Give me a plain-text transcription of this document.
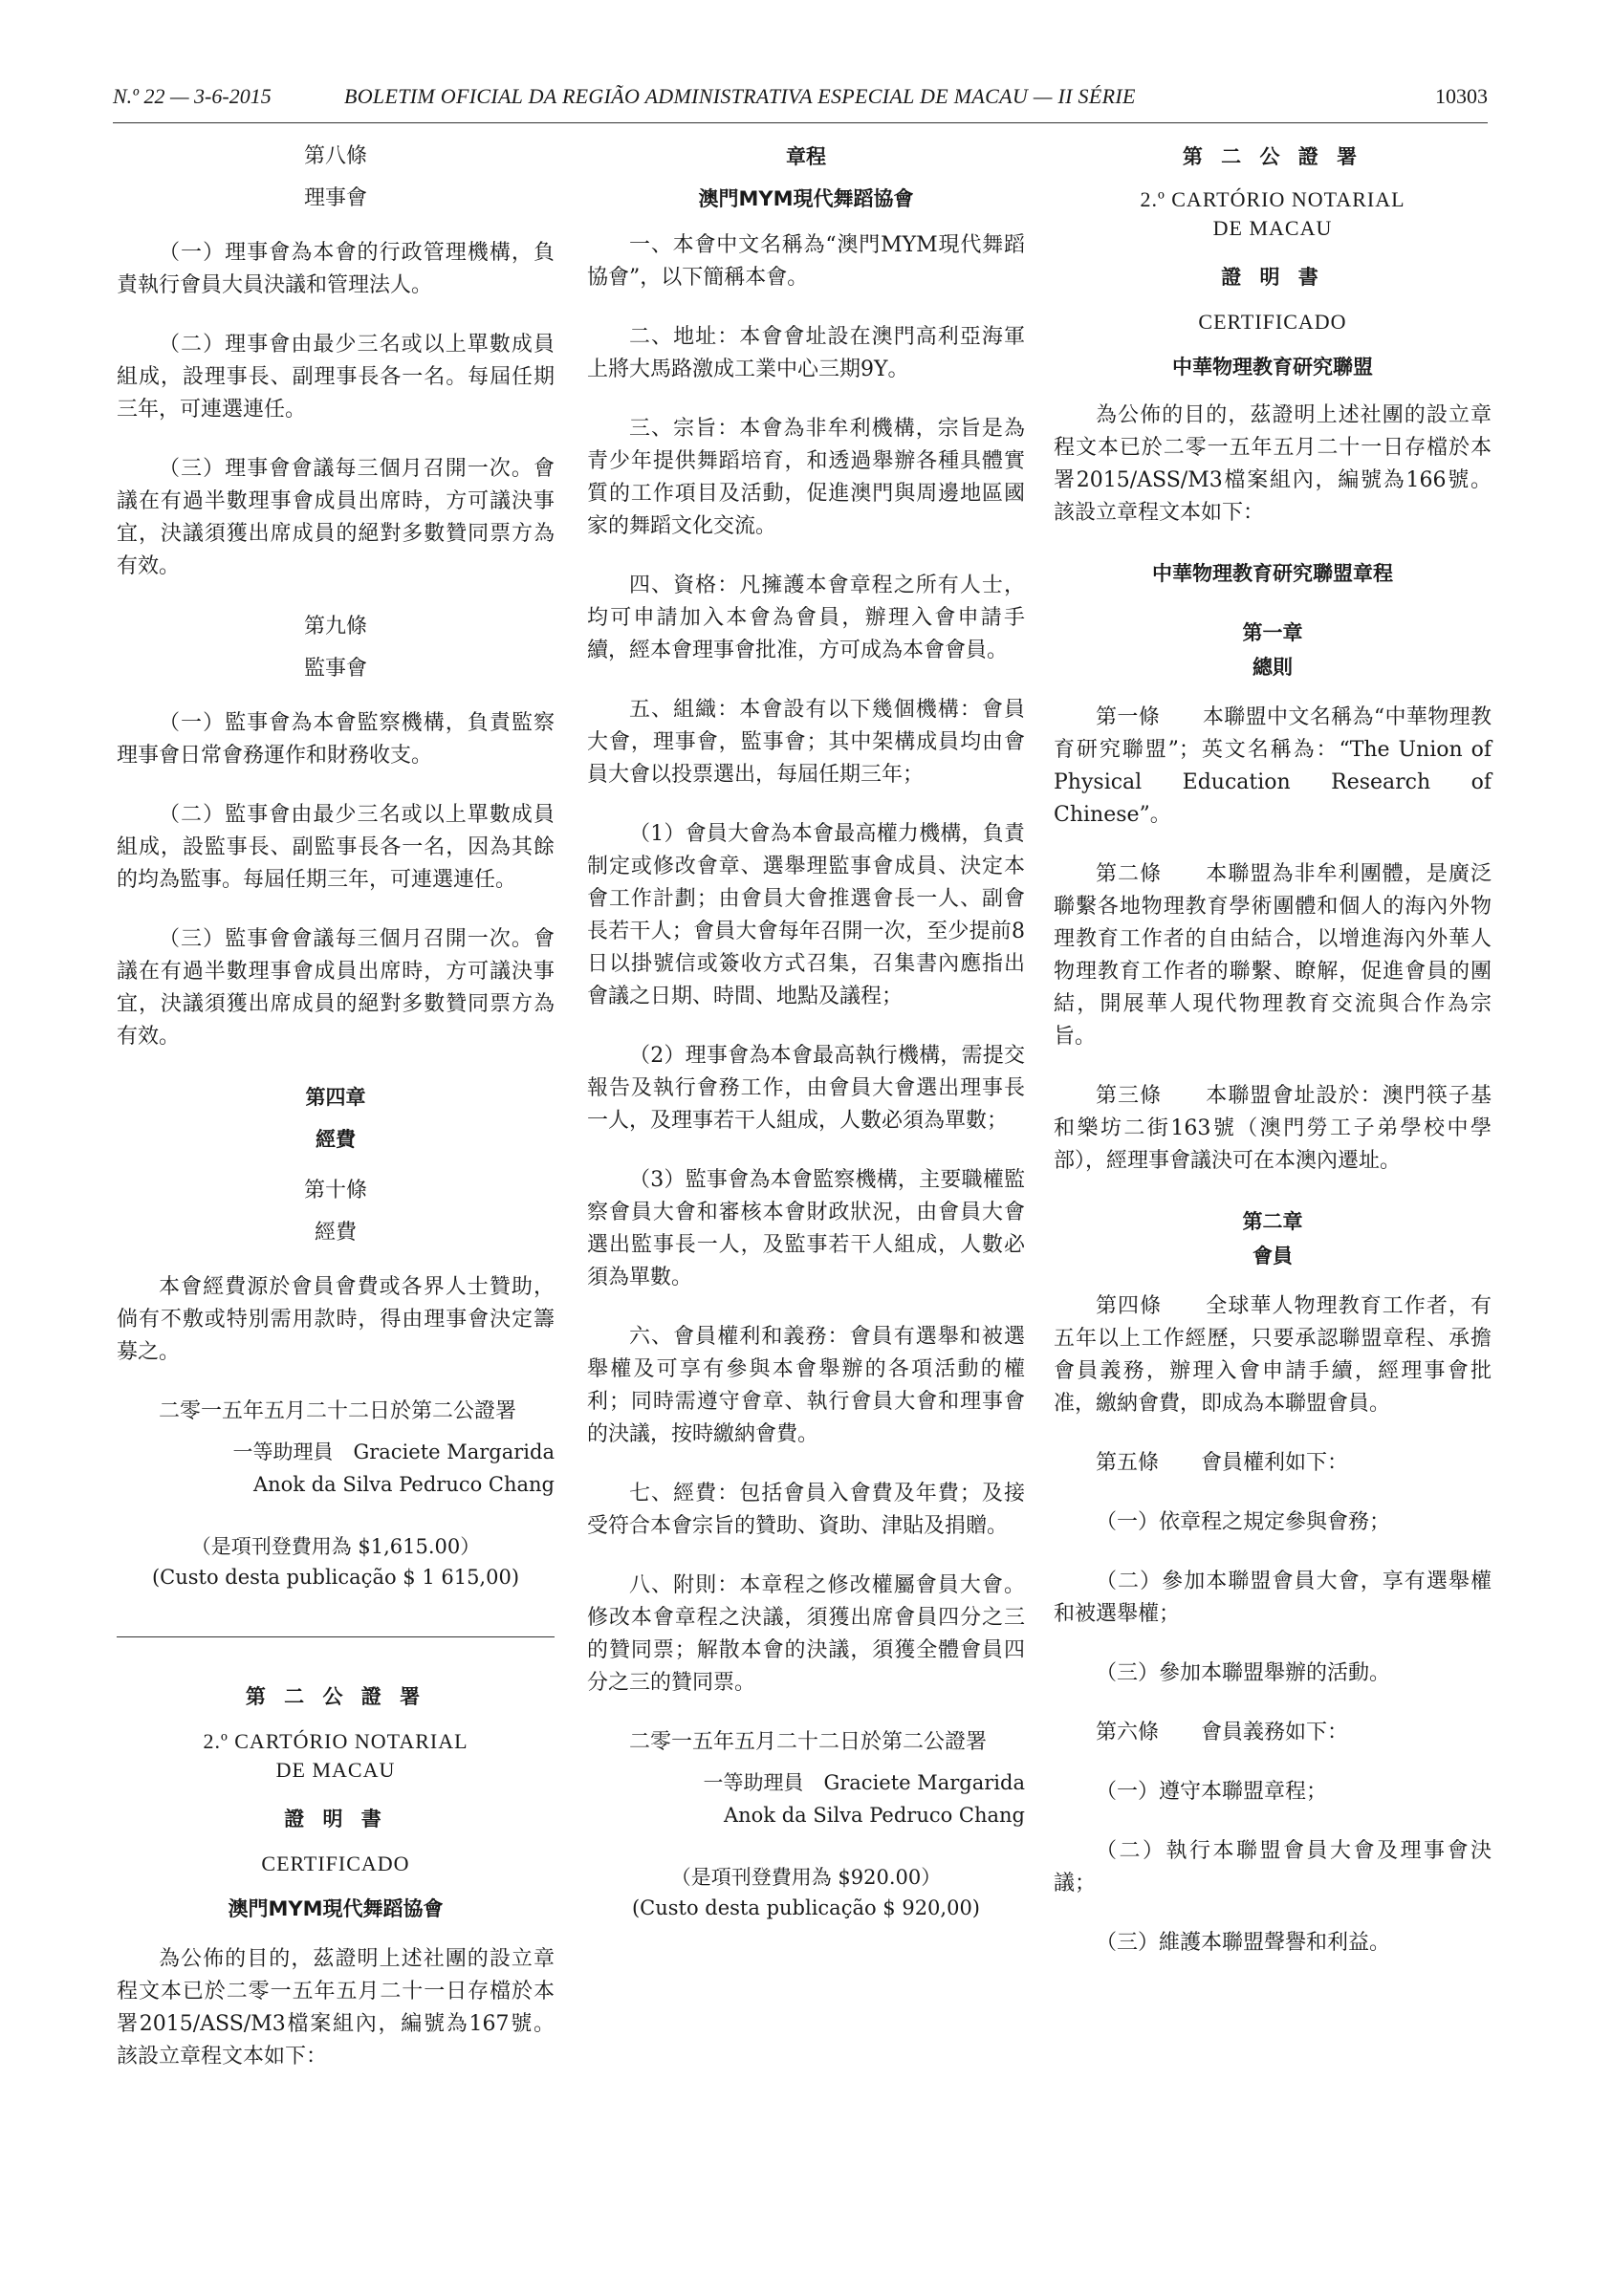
N.º 22 — 3-6-2015	BOLETIM OFICIAL DA REGIÃO ADMINISTRATIVA ESPECIAL DE MACAU — II SÉRIE	10303
第八條
理事會

（一）理事會為本會的行政管理機構，負責執行會員大員決議和管理法人。

（二）理事會由最少三名或以上單數成員組成，設理事長、副理事長各一名。每屆任期三年，可連選連任。

（三）理事會會議每三個月召開一次。會議在有過半數理事會成員出席時，方可議決事宜，決議須獲出席成員的絕對多數贊同票方為有效。

第九條
監事會

（一）監事會為本會監察機構，負責監察理事會日常會務運作和財務收支。

（二）監事會由最少三名或以上單數成員組成，設監事長、副監事長各一名，因為其餘的均為監事。每屆任期三年，可連選連任。

（三）監事會會議每三個月召開一次。會議在有過半數理事會成員出席時，方可議決事宜，決議須獲出席成員的絕對多數贊同票方為有效。

第四章
經費
第十條
經費

本會經費源於會員會費或各界人士贊助，倘有不敷或特別需用款時，得由理事會決定籌募之。

二零一五年五月二十二日於第二公證署

一等助理員　Graciete Margarida

Anok da Silva Pedruco Chang

（是項刊登費用為 $1,615.00）

(Custo desta publicação $ 1 615,00)

第 二 公 證 署
2.º CARTÓRIO NOTARIAL
DE MACAU
證 明 書
CERTIFICADO
澳門MYM現代舞蹈協會

為公佈的目的，茲證明上述社團的設立章程文本已於二零一五年五月二十一日存檔於本署2015/ASS/M3檔案組內，編號為167號。該設立章程文本如下：

章程
澳門MYM現代舞蹈協會

一、本會中文名稱為“澳門MYM現代舞蹈協會”，以下簡稱本會。

二、地址：本會會址設在澳門高利亞海軍上將大馬路激成工業中心三期9Y。

三、宗旨：本會為非牟利機構，宗旨是為青少年提供舞蹈培育，和透過舉辦各種具體實質的工作項目及活動，促進澳門與周邊地區國家的舞蹈文化交流。

四、資格：凡擁護本會章程之所有人士，均可申請加入本會為會員，辦理入會申請手續，經本會理事會批准，方可成為本會會員。

五、組織：本會設有以下幾個機構：會員大會，理事會，監事會；其中架構成員均由會員大會以投票選出，每屆任期三年；

（1）會員大會為本會最高權力機構，負責制定或修改會章、選舉理監事會成員、決定本會工作計劃；由會員大會推選會長一人、副會長若干人；會員大會每年召開一次，至少提前8日以掛號信或簽收方式召集，召集書內應指出會議之日期、時間、地點及議程；

（2）理事會為本會最高執行機構，需提交報告及執行會務工作，由會員大會選出理事長一人，及理事若干人組成，人數必須為單數；

（3）監事會為本會監察機構，主要職權監察會員大會和審核本會財政狀況，由會員大會選出監事長一人，及監事若干人組成，人數必須為單數。

六、會員權利和義務：會員有選舉和被選舉權及可享有參與本會舉辦的各項活動的權利；同時需遵守會章、執行會員大會和理事會的決議，按時繳納會費。

七、經費：包括會員入會費及年費；及接受符合本會宗旨的贊助、資助、津貼及捐贈。

八、附則：本章程之修改權屬會員大會。修改本會章程之決議，須獲出席會員四分之三的贊同票；解散本會的決議，須獲全體會員四分之三的贊同票。

二零一五年五月二十二日於第二公證署

一等助理員　Graciete Margarida

Anok da Silva Pedruco Chang

（是項刊登費用為 $920.00）

(Custo desta publicação $ 920,00)

第 二 公 證 署
2.º CARTÓRIO NOTARIAL
DE MACAU
證 明 書
CERTIFICADO
中華物理教育研究聯盟

為公佈的目的，茲證明上述社團的設立章程文本已於二零一五年五月二十一日存檔於本署2015/ASS/M3檔案組內，編號為166號。該設立章程文本如下：

中華物理教育研究聯盟章程
第一章
總則

第一條　　本聯盟中文名稱為“中華物理教育研究聯盟”；英文名稱為：“The Union of Physical Education Research of Chinese”。

第二條　　本聯盟為非牟利團體，是廣泛聯繫各地物理教育學術團體和個人的海內外物理教育工作者的自由結合，以增進海內外華人物理教育工作者的聯繫、瞭解，促進會員的團結，開展華人現代物理教育交流與合作為宗旨。

第三條　　本聯盟會址設於：澳門筷子基和樂坊二街163號（澳門勞工子弟學校中學部），經理事會議決可在本澳內遷址。

第二章
會員

第四條　　全球華人物理教育工作者，有五年以上工作經歷，只要承認聯盟章程、承擔會員義務，辦理入會申請手續，經理事會批准，繳納會費，即成為本聯盟會員。

第五條　　會員權利如下：

（一）依章程之規定參與會務；

（二）參加本聯盟會員大會，享有選舉權和被選舉權；

（三）參加本聯盟舉辦的活動。

第六條　　會員義務如下：

（一）遵守本聯盟章程；

（二）執行本聯盟會員大會及理事會決議；

（三）維護本聯盟聲譽和利益。
